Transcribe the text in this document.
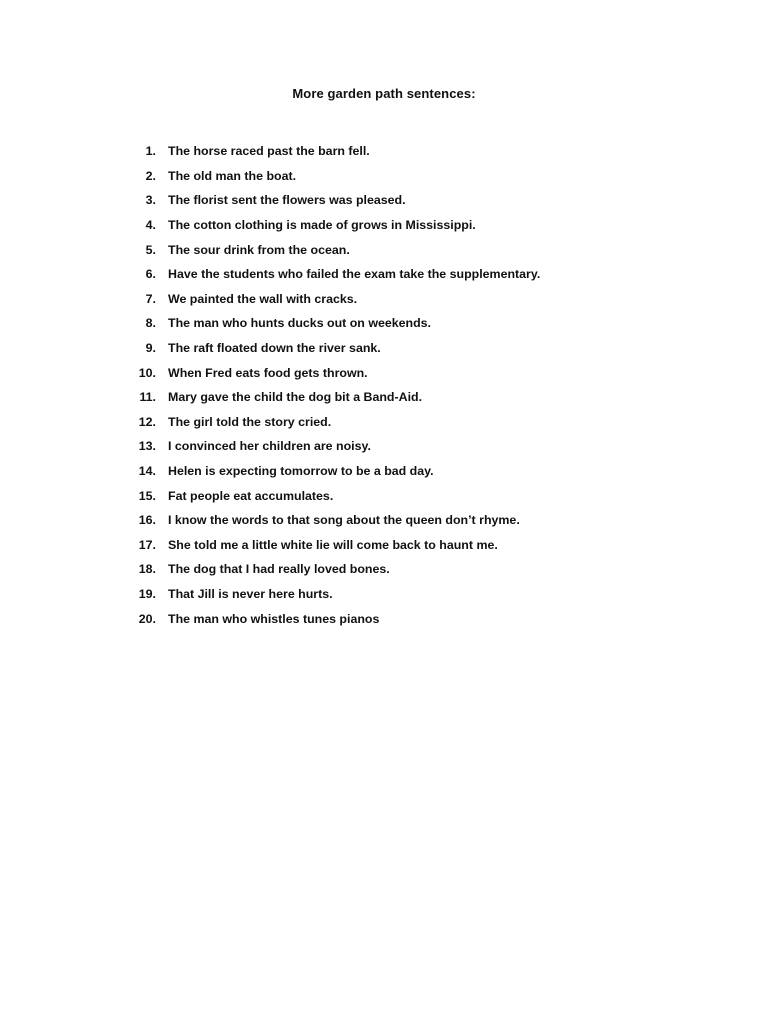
More garden path sentences:
1. The horse raced past the barn fell.
2. The old man the boat.
3. The florist sent the flowers was pleased.
4. The cotton clothing is made of grows in Mississippi.
5. The sour drink from the ocean.
6. Have the students who failed the exam take the supplementary.
7. We painted the wall with cracks.
8. The man who hunts ducks out on weekends.
9. The raft floated down the river sank.
10. When Fred eats food gets thrown.
11. Mary gave the child the dog bit a Band-Aid.
12. The girl told the story cried.
13. I convinced her children are noisy.
14. Helen is expecting tomorrow to be a bad day.
15. Fat people eat accumulates.
16. I know the words to that song about the queen don’t rhyme.
17. She told me a little white lie will come back to haunt me.
18. The dog that I had really loved bones.
19. That Jill is never here hurts.
20. The man who whistles tunes pianos
